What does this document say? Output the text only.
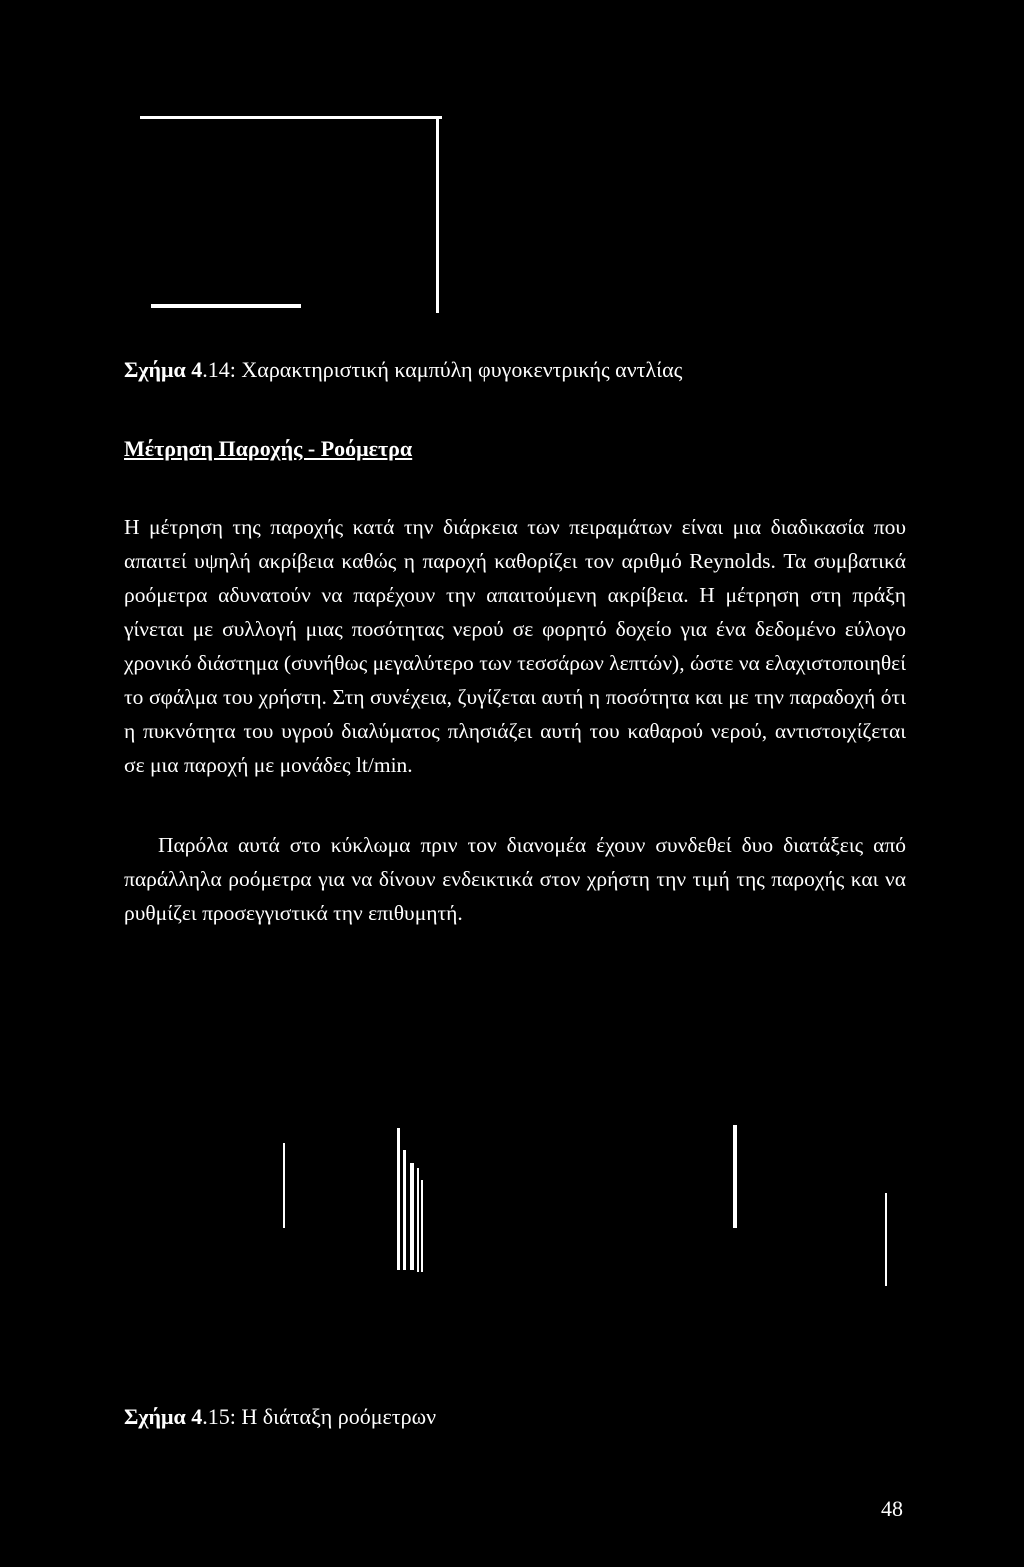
Σχήμα 4.14: Χαρακτηριστική καμπύλη φυγοκεντρικής αντλίας
Μέτρηση Παροχής - Ροόμετρα
Η μέτρηση της παροχής κατά την διάρκεια των πειραμάτων είναι μια διαδικασία που απαιτεί υψηλή ακρίβεια καθώς η παροχή καθορίζει τον αριθμό Reynolds. Τα συμβατικά ροόμετρα αδυνατούν να παρέχουν την απαιτούμενη ακρίβεια. Η μέτρηση στη πράξη γίνεται με συλλογή μιας ποσότητας νερού σε φορητό δοχείο για ένα δεδομένο εύλογο χρονικό διάστημα (συνήθως μεγαλύτερο των τεσσάρων λεπτών), ώστε να ελαχιστοποιηθεί το σφάλμα του χρήστη. Στη συνέχεια, ζυγίζεται αυτή η ποσότητα και με την παραδοχή ότι η πυκνότητα του υγρού διαλύματος πλησιάζει αυτή του καθαρού νερού, αντιστοιχίζεται σε μια παροχή με μονάδες lt/min.
Παρόλα αυτά στο κύκλωμα πριν τον διανομέα έχουν συνδεθεί δυο διατάξεις από παράλληλα ροόμετρα για να δίνουν ενδεικτικά στον χρήστη την τιμή της παροχής και να ρυθμίζει προσεγγιστικά την επιθυμητή.
Σχήμα 4.15: Η διάταξη ροόμετρων
48
